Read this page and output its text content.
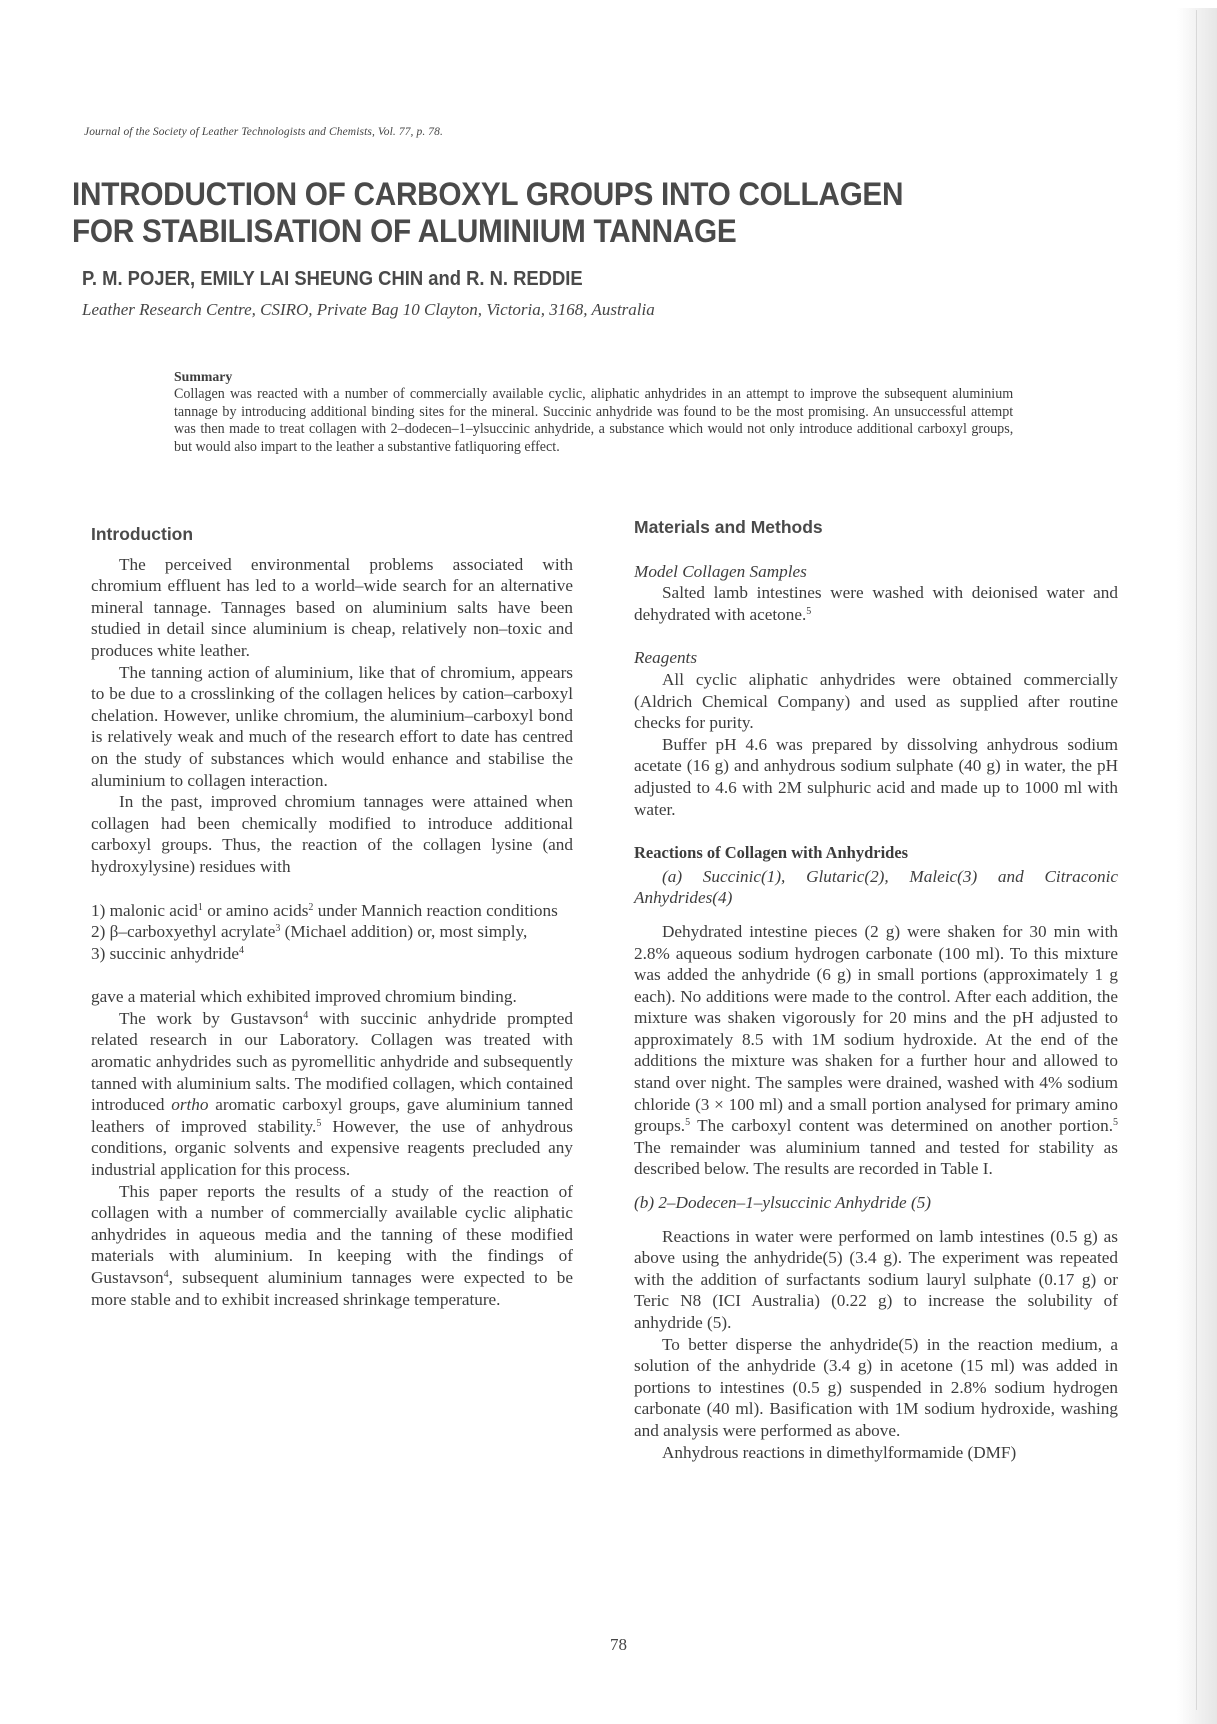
Journal of the Society of Leather Technologists and Chemists, Vol. 77, p. 78.
INTRODUCTION OF CARBOXYL GROUPS INTO COLLAGEN
FOR STABILISATION OF ALUMINIUM TANNAGE
P. M. POJER, EMILY LAI SHEUNG CHIN and R. N. REDDIE
Leather Research Centre, CSIRO, Private Bag 10 Clayton, Victoria, 3168, Australia
Summary
Collagen was reacted with a number of commercially available cyclic, aliphatic anhydrides in an attempt to improve the subsequent aluminium tannage by introducing additional binding sites for the mineral. Succinic anhydride was found to be the most promising. An unsuccessful attempt was then made to treat collagen with 2–dodecen–1–ylsuccinic anhydride, a substance which would not only introduce additional carboxyl groups, but would also impart to the leather a substantive fatliquoring effect.
Introduction

The perceived environmental problems associated with chromium effluent has led to a world–wide search for an alternative mineral tannage. Tannages based on aluminium salts have been studied in detail since aluminium is cheap, relatively non–toxic and produces white leather.

The tanning action of aluminium, like that of chromium, appears to be due to a crosslinking of the collagen helices by cation–carboxyl chelation. However, unlike chromium, the aluminium–carboxyl bond is relatively weak and much of the research effort to date has centred on the study of substances which would enhance and stabilise the aluminium to collagen interaction.

In the past, improved chromium tannages were attained when collagen had been chemically modified to introduce additional carboxyl groups. Thus, the reaction of the collagen lysine (and hydroxylysine) residues with

1) malonic acid$^1$ or amino acids$^2$ under Mannich reaction conditions

2) β–carboxyethyl acrylate$^3$ (Michael addition) or, most simply,

3) succinic anhydride$^4$

gave a material which exhibited improved chromium binding.

The work by Gustavson$^4$ with succinic anhydride prompted related research in our Laboratory. Collagen was treated with aromatic anhydrides such as pyromellitic anhydride and subsequently tanned with aluminium salts. The modified collagen, which contained introduced ortho aromatic carboxyl groups, gave aluminium tanned leathers of improved stability.$^5$ However, the use of anhydrous conditions, organic solvents and expensive reagents precluded any industrial application for this process.

This paper reports the results of a study of the reaction of collagen with a number of commercially available cyclic aliphatic anhydrides in aqueous media and the tanning of these modified materials with aluminium. In keeping with the findings of Gustavson$^4$, subsequent aluminium tannages were expected to be more stable and to exhibit increased shrinkage temperature.

Materials and Methods
Model Collagen Samples

Salted lamb intestines were washed with deionised water and dehydrated with acetone.$^5$

Reagents

All cyclic aliphatic anhydrides were obtained commercially (Aldrich Chemical Company) and used as supplied after routine checks for purity.

Buffer pH 4.6 was prepared by dissolving anhydrous sodium acetate (16 g) and anhydrous sodium sulphate (40 g) in water, the pH adjusted to 4.6 with 2M sulphuric acid and made up to 1000 ml with water.

Reactions of Collagen with Anhydrides

(a) Succinic(1), Glutaric(2), Maleic(3) and Citraconic Anhydrides(4)

Dehydrated intestine pieces (2 g) were shaken for 30 min with 2.8% aqueous sodium hydrogen carbonate (100 ml). To this mixture was added the anhydride (6 g) in small portions (approximately 1 g each). No additions were made to the control. After each addition, the mixture was shaken vigorously for 20 mins and the pH adjusted to approximately 8.5 with 1M sodium hydroxide. At the end of the additions the mixture was shaken for a further hour and allowed to stand over night. The samples were drained, washed with 4% sodium chloride (3 × 100 ml) and a small portion analysed for primary amino groups.$^5$ The carboxyl content was determined on another portion.$^5$ The remainder was aluminium tanned and tested for stability as described below. The results are recorded in Table I.

(b) 2–Dodecen–1–ylsuccinic Anhydride (5)

Reactions in water were performed on lamb intestines (0.5 g) as above using the anhydride(5) (3.4 g). The experiment was repeated with the addition of surfactants sodium lauryl sulphate (0.17 g) or Teric N8 (ICI Australia) (0.22 g) to increase the solubility of anhydride (5).

To better disperse the anhydride(5) in the reaction medium, a solution of the anhydride (3.4 g) in acetone (15 ml) was added in portions to intestines (0.5 g) suspended in 2.8% sodium hydrogen carbonate (40 ml). Basification with 1M sodium hydroxide, washing and analysis were performed as above.

Anhydrous reactions in dimethylformamide (DMF)

78
